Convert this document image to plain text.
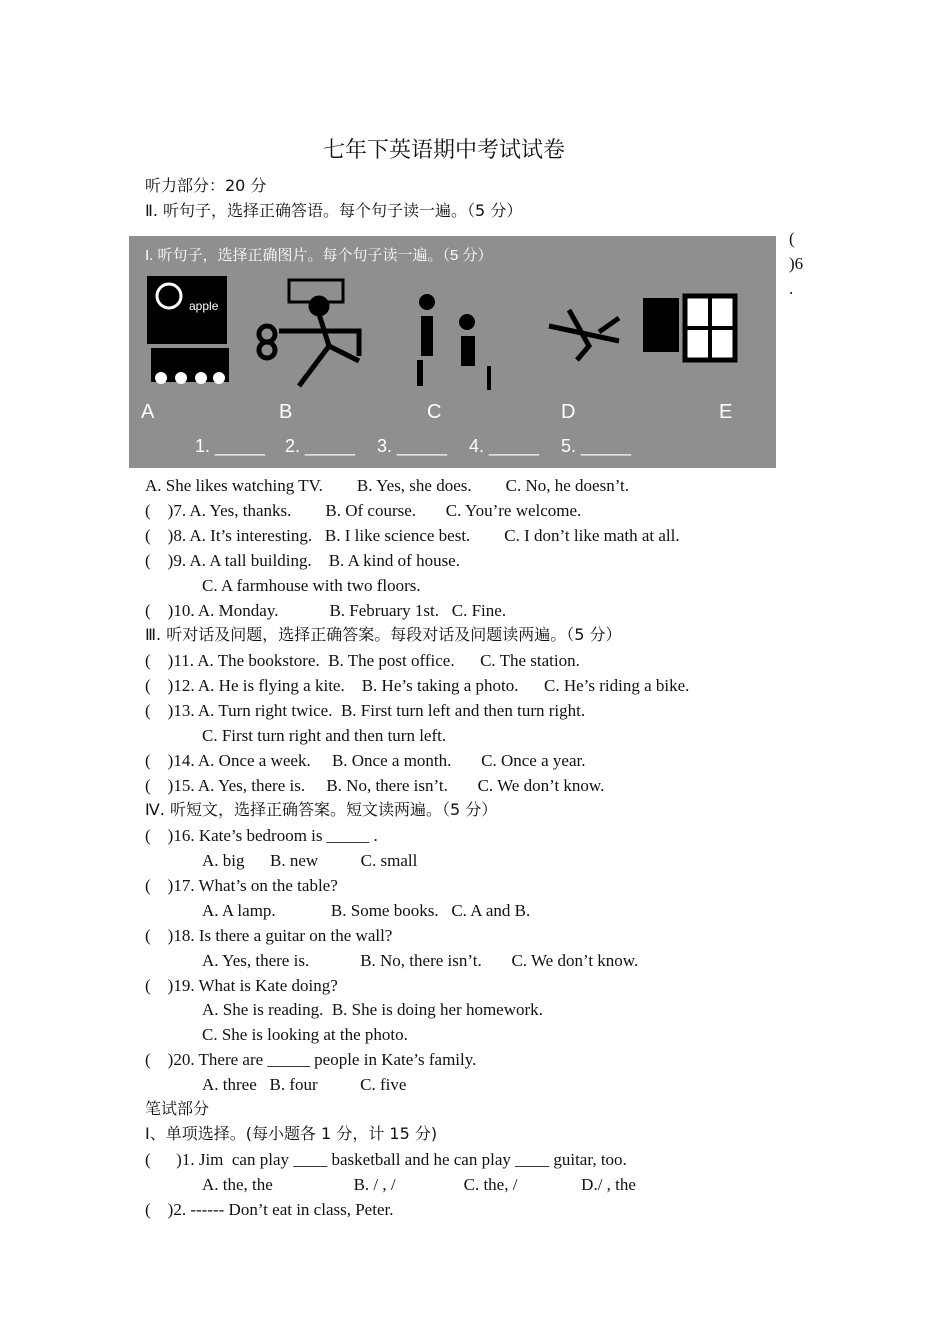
七年下英语期中考试试卷
听力部分：20 分
Ⅱ. 听句子，选择正确答语。每个句子读一遍。（5 分）
I. 听句子，选择正确图片。每个句子读一遍。（5 分）
apple
A	B	C	D	E
1. _____ 2. _____ 3. _____ 4. _____ 5. _____
(
)6
.
A. She likes watching TV.        B. Yes, she does.        C. No, he doesn’t.
(    )7. A. Yes, thanks.        B. Of course.       C. You’re welcome.
(    )8. A. It’s interesting.   B. I like science best.        C. I don’t like math at all.
(    )9. A. A tall building.    B. A kind of house.
C. A farmhouse with two floors.
(    )10. A. Monday.            B. February 1st.   C. Fine.
Ⅲ. 听对话及问题，选择正确答案。每段对话及问题读两遍。（5 分）
(    )11. A. The bookstore.  B. The post office.      C. The station.
(    )12. A. He is flying a kite.    B. He’s taking a photo.      C. He’s riding a bike.
(    )13. A. Turn right twice.  B. First turn left and then turn right.
C. First turn right and then turn left.
(    )14. A. Once a week.     B. Once a month.       C. Once a year.
(    )15. A. Yes, there is.     B. No, there isn’t.       C. We don’t know.
Ⅳ. 听短文，选择正确答案。短文读两遍。（5 分）
(    )16. Kate’s bedroom is _____ .
A. big      B. new          C. small
(    )17. What’s on the table?
A. A lamp.             B. Some books.   C. A and B.
(    )18. Is there a guitar on the wall?
A. Yes, there is.            B. No, there isn’t.       C. We don’t know.
(    )19. What is Kate doing?
A. She is reading.  B. She is doing her homework.
C. She is looking at the photo.
(    )20. There are _____ people in Kate’s family.
A. three   B. four          C. five
笔试部分
I、单项选择。(每小题各 1 分，计 15 分)
(      )1. Jim  can play ____ basketball and he can play ____ guitar, too.
A. the, the                   B. / , /                C. the, /               D./ , the
(    )2. ------ Don’t eat in class, Peter.
